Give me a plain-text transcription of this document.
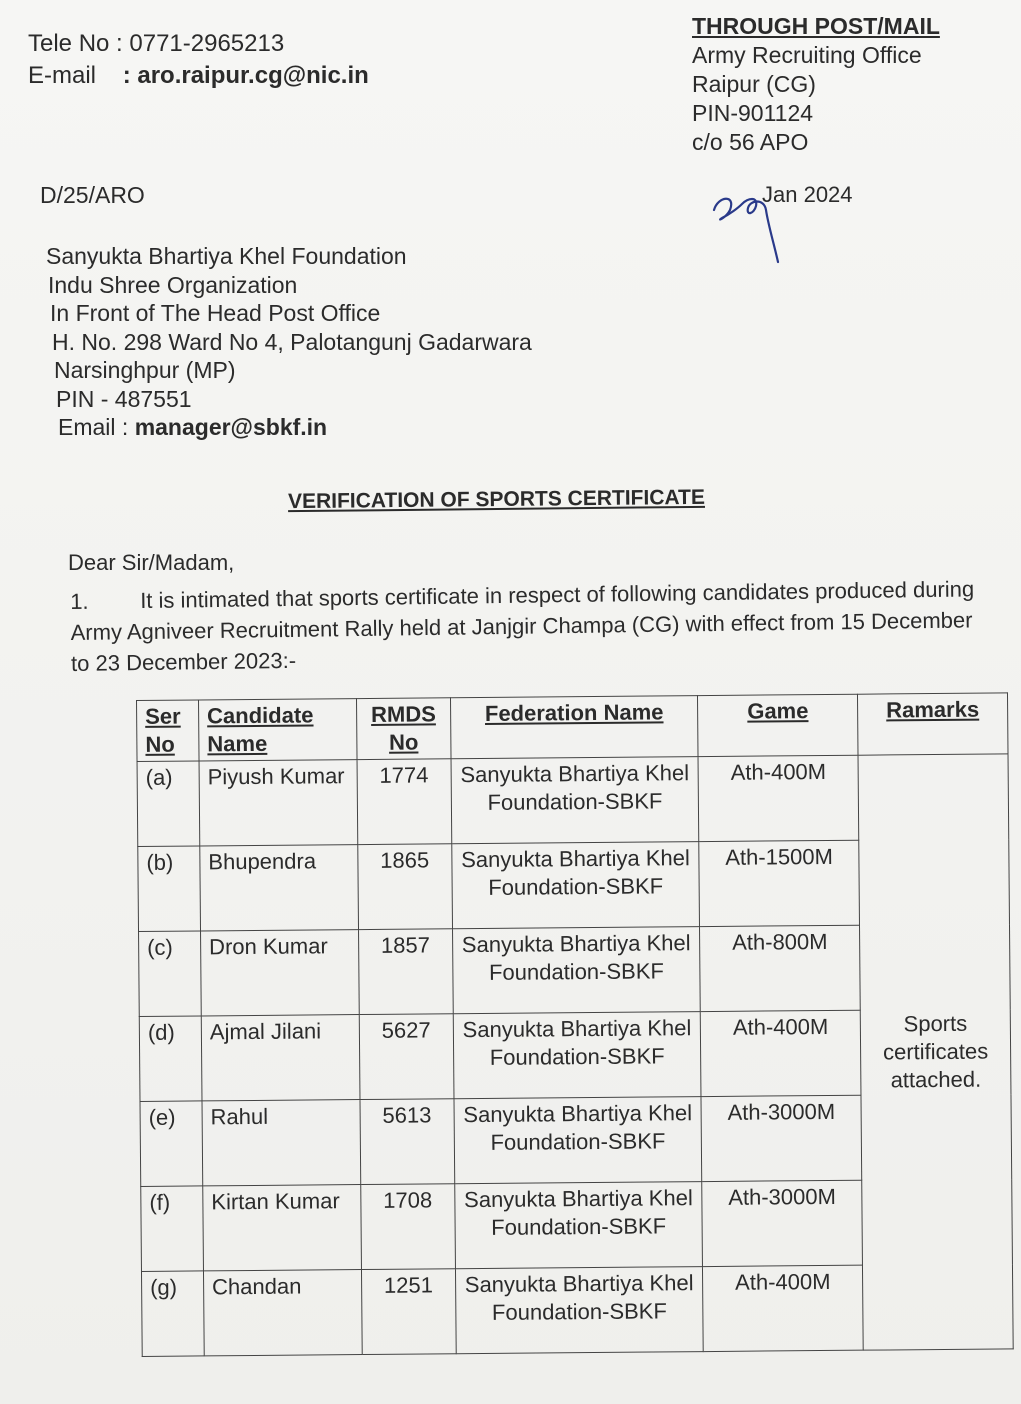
Tele No : 0771-2965213
E-mail : aro.raipur.cg@nic.in
THROUGH POST/MAIL
Army Recruiting Office
Raipur (CG)
PIN-901124
c/o 56 APO
D/25/ARO	Jan 2024
Sanyukta Bhartiya Khel Foundation
Indu Shree Organization
In Front of The Head Post Office
H. No. 298 Ward No 4, Palotangunj Gadarwara
Narsinghpur (MP)
PIN - 487551
Email : manager@sbkf.in
VERIFICATION OF SPORTS CERTIFICATE
Dear Sir/Madam,
1. It is intimated that sports certificate in respect of following candidates produced during Army Agniveer Recruitment Rally held at Janjgir Champa (CG) with effect from 15 December to 23 December 2023:-
Ser No	Candidate Name	RMDS No	Federation Name	Game	Ramarks
(a)	Piyush Kumar	1774	Sanyukta Bhartiya Khel Foundation-SBKF	Ath-400M	Sports certificates attached.
(b)	Bhupendra	1865	Sanyukta Bhartiya Khel Foundation-SBKF	Ath-1500M	
(c)	Dron Kumar	1857	Sanyukta Bhartiya Khel Foundation-SBKF	Ath-800M	
(d)	Ajmal Jilani	5627	Sanyukta Bhartiya Khel Foundation-SBKF	Ath-400M	
(e)	Rahul	5613	Sanyukta Bhartiya Khel Foundation-SBKF	Ath-3000M	
(f)	Kirtan Kumar	1708	Sanyukta Bhartiya Khel Foundation-SBKF	Ath-3000M	
(g)	Chandan	1251	Sanyukta Bhartiya Khel Foundation-SBKF	Ath-400M	
